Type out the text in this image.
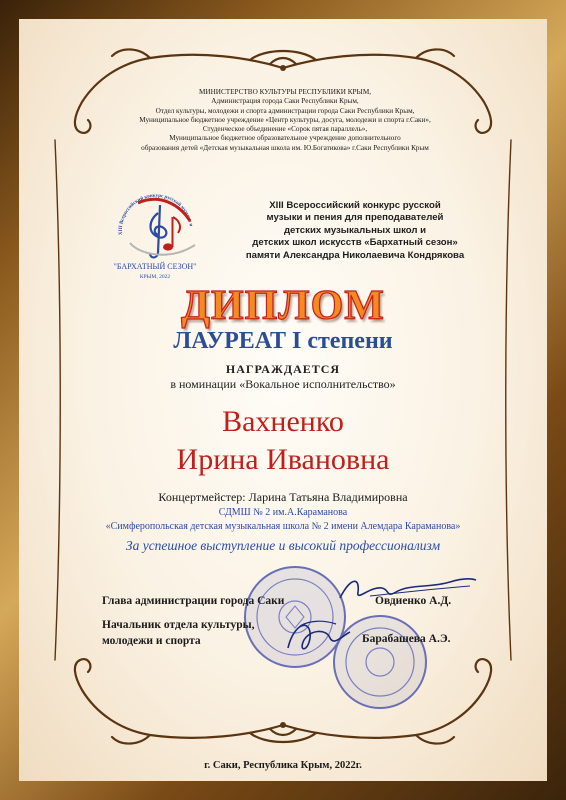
МИНИСТЕРСТВО КУЛЬТУРЫ РЕСПУБЛИКИ КРЫМ,
Администрация города Саки Республики Крым,
Отдел культуры, молодежи и спорта администрации города Саки Республики Крым,
Муниципальное бюджетное учреждение «Центр культуры, досуга, молодежи и спорта г.Саки»,
Студенческое объединение «Сорок пятая параллель»,
Муниципальное бюджетное образовательное учреждение дополнительного
образования детей «Детская музыкальная школа им. Ю.Богатикова» г.Саки Республики Крым
XIII Всероссийский конкурс русской музыки и
"БАРХАТНЫЙ СЕЗОН"
КРЫМ, 2022
XIII Всероссийский конкурс русской
музыки и пения для преподавателей
детских музыкальных школ и
детских школ искусств «Бархатный сезон»
памяти Александра Николаевича Кондрякова
ДИПЛОМ
ЛАУРЕАТ I степени
НАГРАЖДАЕТСЯ
в номинации «Вокальное исполнительство»
Вахненко
Ирина Ивановна
Концертмейстер: Ларина Татьяна Владимировна
СДМШ № 2 им.А.Караманова
«Симферопольская детская музыкальная школа № 2 имени Алемдара Караманова»
За успешное выступление и высокий профессионализм
Глава администрации города Саки	Овдиенко А.Д.
Начальник отдела культуры,
молодежи и спорта	Барабашева А.Э.
г. Саки, Республика Крым, 2022г.
